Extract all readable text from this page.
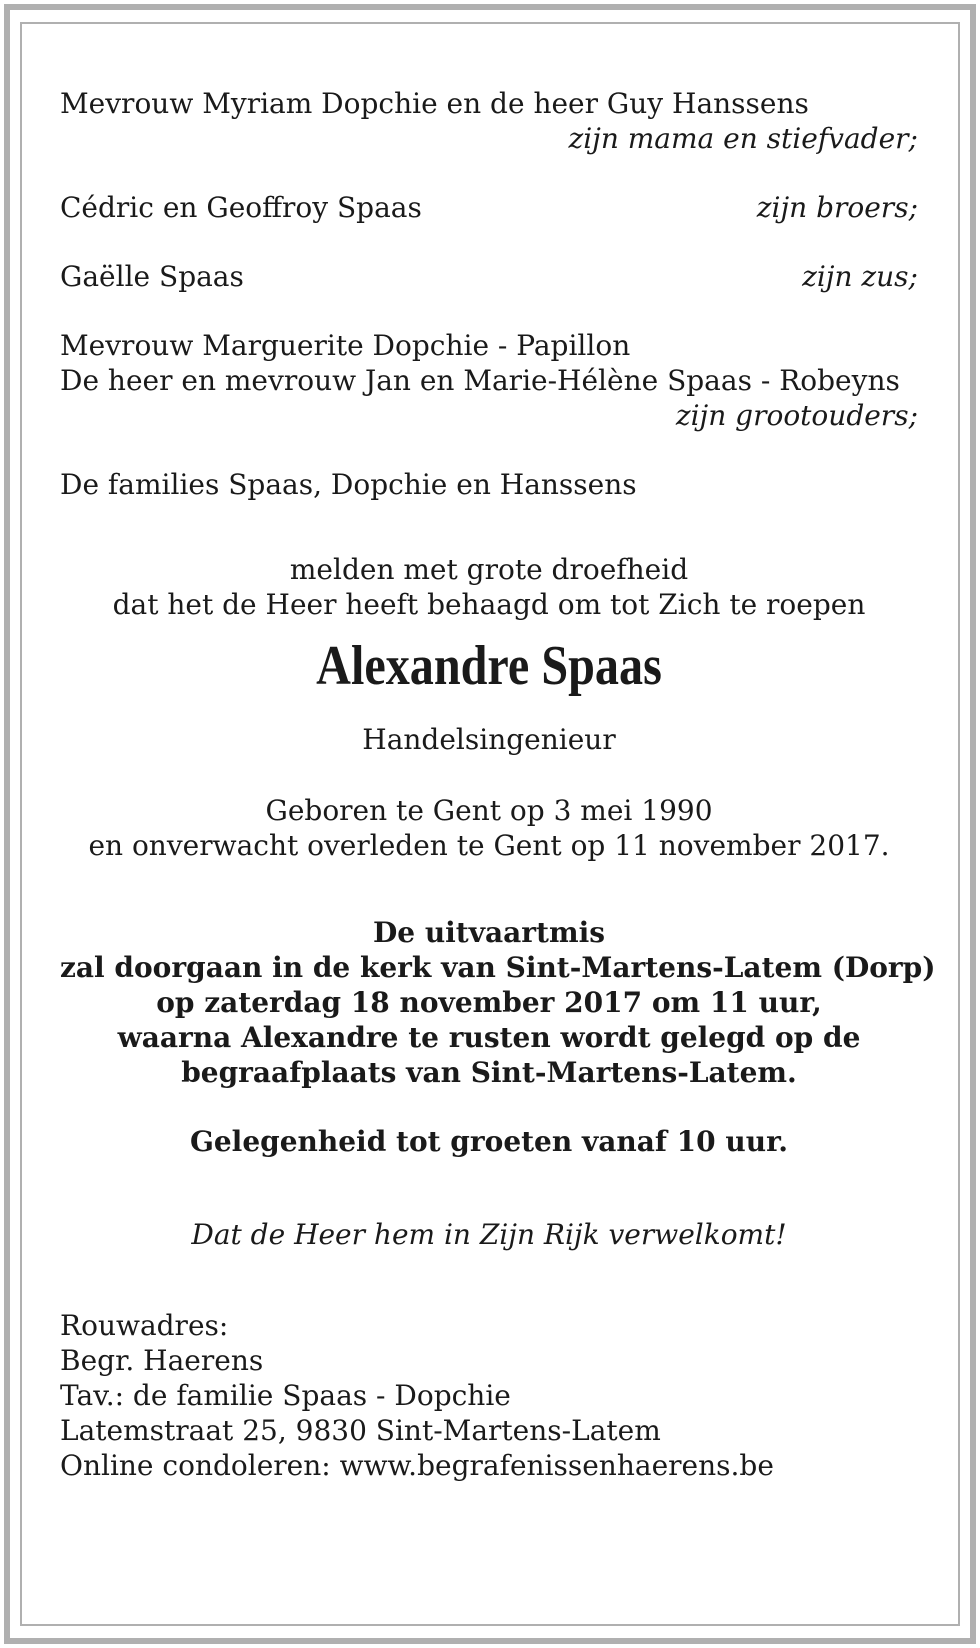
Mevrouw Myriam Dopchie en de heer Guy Hanssens
zijn mama en stiefvader;
Cédric en Geoffroy Spaas	zijn broers;
Gaëlle Spaas	zijn zus;
Mevrouw Marguerite Dopchie - Papillon
De heer en mevrouw Jan en Marie-Hélène Spaas - Robeyns
zijn grootouders;
De families Spaas, Dopchie en Hanssens
melden met grote droefheid
dat het de Heer heeft behaagd om tot Zich te roepen
Alexandre Spaas
Handelsingenieur
Geboren te Gent op 3 mei 1990
en onverwacht overleden te Gent op 11 november 2017.
De uitvaartmis
zal doorgaan in de kerk van Sint-Martens-Latem (Dorp)
op zaterdag 18 november 2017 om 11 uur,
waarna Alexandre te rusten wordt gelegd op de
begraafplaats van Sint-Martens-Latem.
Gelegenheid tot groeten vanaf 10 uur.
Dat de Heer hem in Zijn Rijk verwelkomt!
Rouwadres:
Begr. Haerens
Tav.: de familie Spaas - Dopchie
Latemstraat 25, 9830 Sint-Martens-Latem
Online condoleren: www.begrafenissenhaerens.be
